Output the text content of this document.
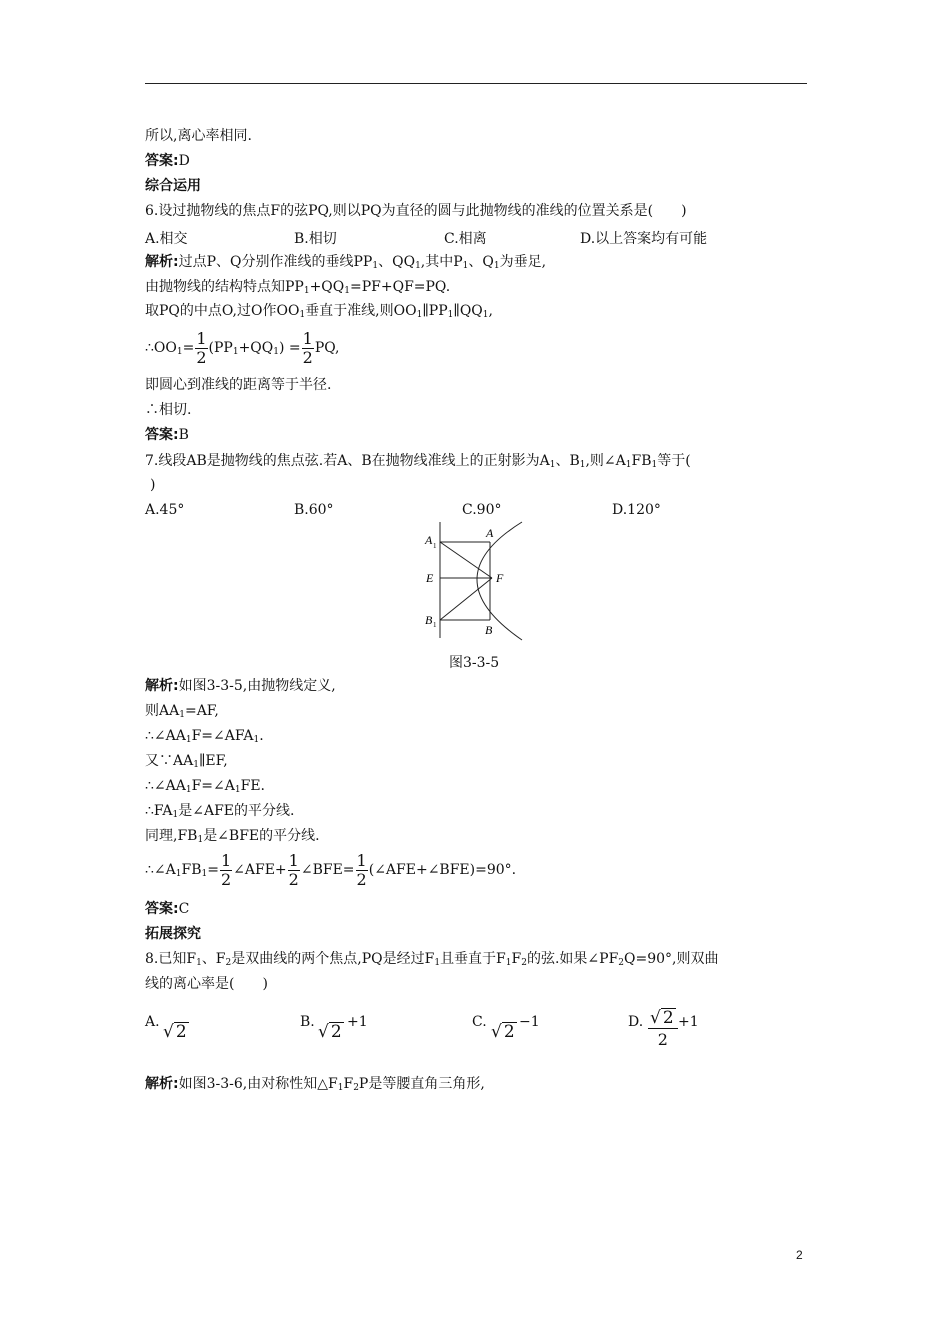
所以,离心率相同.
答案:D
综合运用
6.设过抛物线的焦点F的弦PQ,则以PQ为直径的圆与此抛物线的准线的位置关系是(　　)
A.相交	B.相切	C.相离	D.以上答案均有可能
解析:过点P、Q分别作准线的垂线$PP_1$、$QQ_1$,其中$P_1$、$Q_1$为垂足,
由抛物线的结构特点知$PP_1+QQ_1=PF+QF=PQ$.
取PQ的中点O,过O作$OO_1$垂直于准线,则$OO_1\parallel PP_1\parallel QQ_1$,
$\therefore OO_1= \frac{1}{2} (PP_1+QQ_1) = \frac{1}{2}$ PQ,
即圆心到准线的距离等于半径.
∴相切.
答案:B
7.线段AB是抛物线的焦点弦.若A、B在抛物线准线上的正射影为$A_1$、$B_1$,则$\angle A_1FB_1$等于(
)
A.45°	B.60°	C.90°	D.120°
A 1
A
E	F
B 1	B
图3-3-5
解析:如图3-3-5,由抛物线定义,
则$AA_1=AF$,
$\therefore\angle AA_1F=\angle AFA_1$.
又$\because AA_1\parallel EF$,
$\therefore\angle AA_1F=\angle A_1FE$.
$\therefore FA_1$是∠AFE的平分线.
同理$,FB_1$是∠BFE的平分线.
$\therefore\angle A_1FB_1= \frac{1}{2}$ ∠AFE+ $\frac{1}{2}$ ∠BFE= $\frac{1}{2}$ (∠AFE+∠BFE)=90°.
答案:C
拓展探究
8.已知$F_1$、$F_2$是双曲线的两个焦点,PQ是经过$F_1$且垂直于$F_1F_2$的弦.如果$\angle PF_2Q=90^\circ$,则双曲
线的离心率是(　　)
A. √ 2	B. √ 2 +1	C. √ 2 −1	D. √ 2
2
+1
解析:如图3-3-6,由对称性知$\triangle F_1F_2P$是等腰直角三角形,
2
